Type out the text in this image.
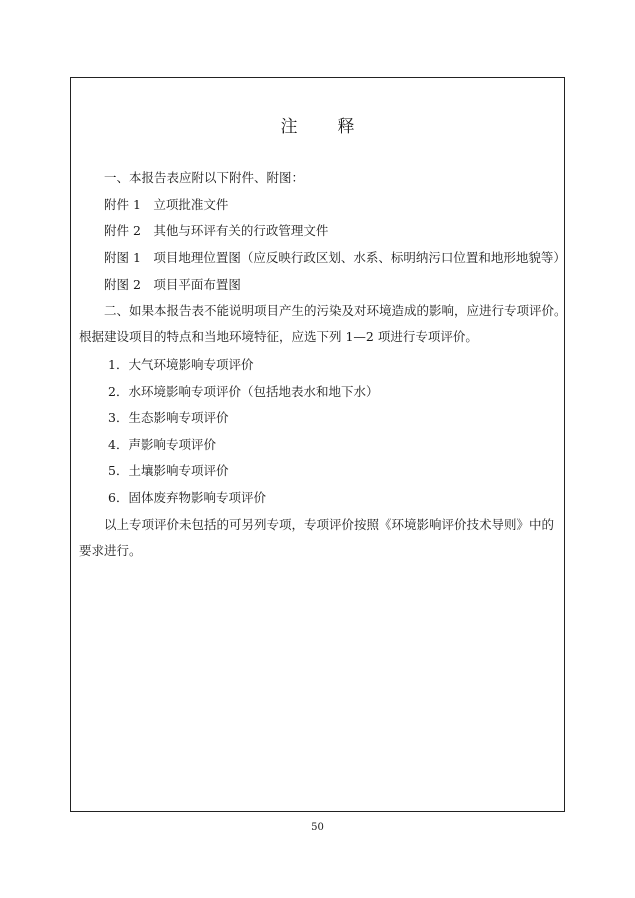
注 释
一、本报告表应附以下附件、附图：
附件 1　立项批准文件
附件 2　其他与环评有关的行政管理文件
附图 1　项目地理位置图（应反映行政区划、水系、标明纳污口位置和地形地貌等）
附图 2　项目平面布置图
二、如果本报告表不能说明项目产生的污染及对环境造成的影响，应进行专项评价。
根据建设项目的特点和当地环境特征，应选下列 1—2 项进行专项评价。
1．大气环境影响专项评价
2．水环境影响专项评价（包括地表水和地下水）
3．生态影响专项评价
4．声影响专项评价
5．土壤影响专项评价
6．固体废弃物影响专项评价
以上专项评价未包括的可另列专项，专项评价按照《环境影响评价技术导则》中的
要求进行。
50
